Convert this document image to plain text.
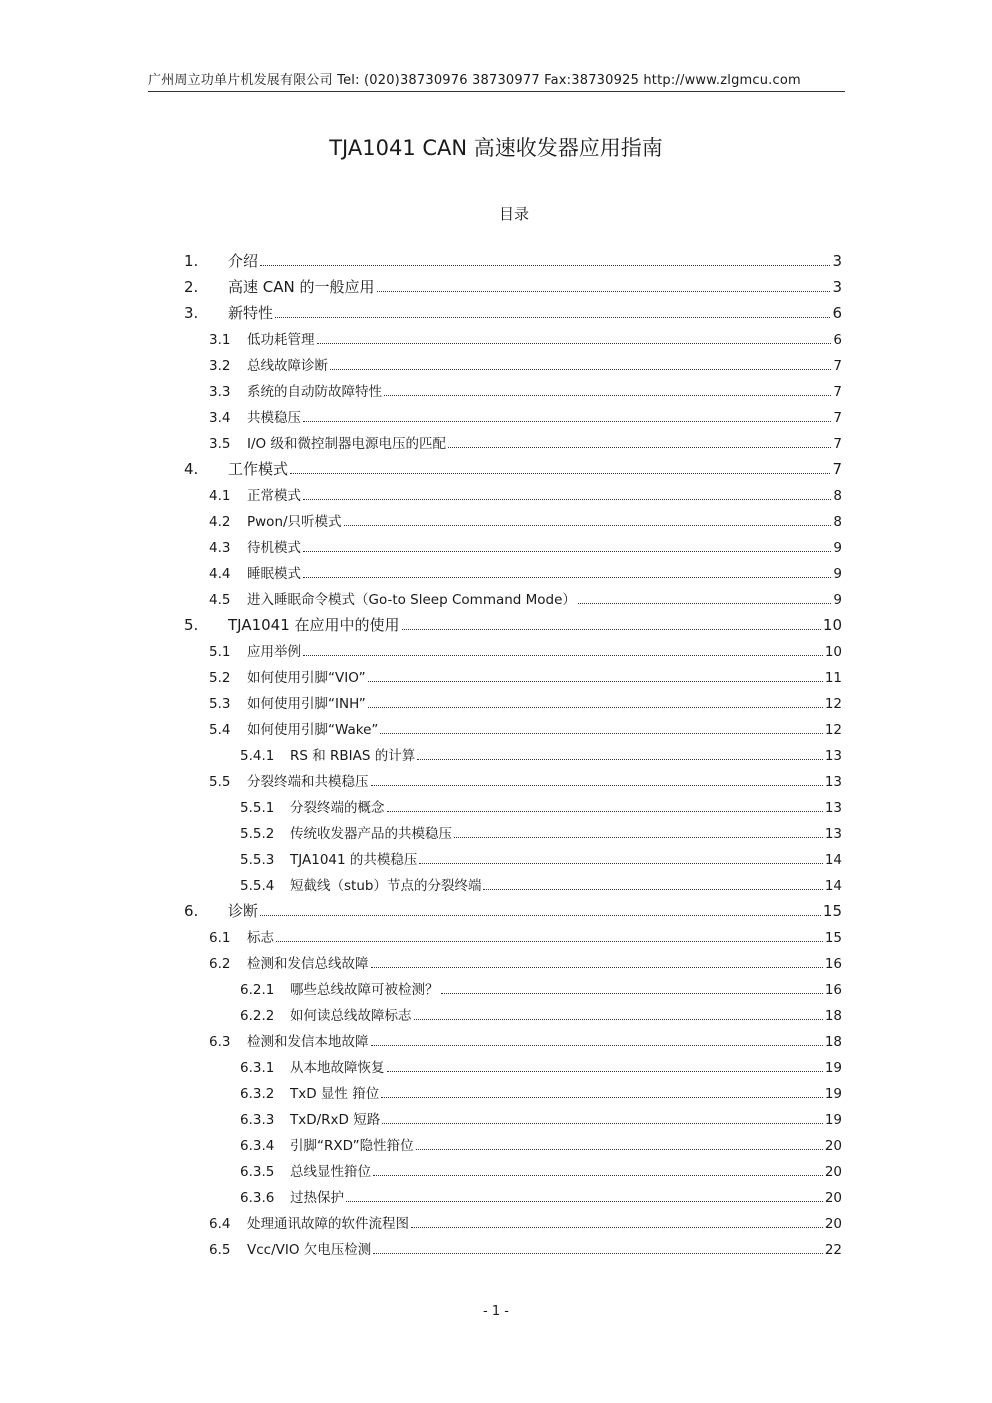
广州周立功单片机发展有限公司 Tel: (020)38730976 38730977 Fax:38730925 http://www.zlgmcu.com
TJA1041 CAN 高速收发器应用指南
目录
1.	介绍	3
2.	高速 CAN 的一般应用	3
3.	新特性	6
3.1	低功耗管理	6
3.2	总线故障诊断	7
3.3	系统的自动防故障特性	7
3.4	共模稳压	7
3.5	I/O 级和微控制器电源电压的匹配	7
4.	工作模式	7
4.1	正常模式	8
4.2	Pwon/只听模式	8
4.3	待机模式	9
4.4	睡眠模式	9
4.5	进入睡眠命令模式（Go-to Sleep Command Mode）	9
5.	TJA1041 在应用中的使用	10
5.1	应用举例	10
5.2	如何使用引脚“VIO”	11
5.3	如何使用引脚“INH”	12
5.4	如何使用引脚“Wake”	12
5.4.1	RS 和 RBIAS 的计算	13
5.5	分裂终端和共模稳压	13
5.5.1	分裂终端的概念	13
5.5.2	传统收发器产品的共模稳压	13
5.5.3	TJA1041 的共模稳压	14
5.5.4	短截线（stub）节点的分裂终端	14
6.	诊断	15
6.1	标志	15
6.2	检测和发信总线故障	16
6.2.1	哪些总线故障可被检测？	16
6.2.2	如何读总线故障标志	18
6.3	检测和发信本地故障	18
6.3.1	从本地故障恢复	19
6.3.2	TxD 显性 箝位	19
6.3.3	TxD/RxD 短路	19
6.3.4	引脚“RXD”隐性箝位	20
6.3.5	总线显性箝位	20
6.3.6	过热保护	20
6.4	处理通讯故障的软件流程图	20
6.5	Vcc/VIO 欠电压检测	22
- 1 -
